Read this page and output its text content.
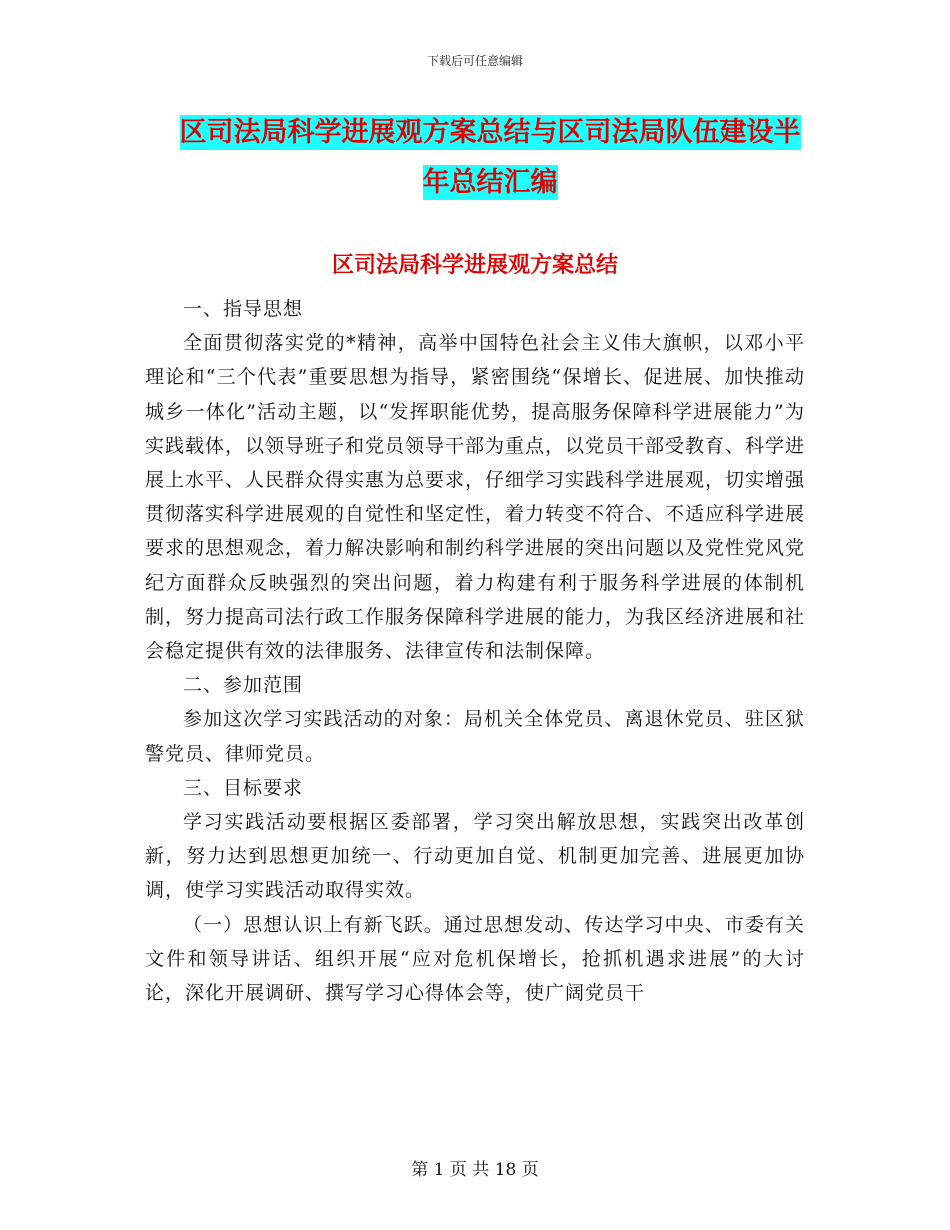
下载后可任意编辑
区司法局科学进展观方案总结与区司法局队伍建设半
年总结汇编
区司法局科学进展观方案总结

一、指导思想

全面贯彻落实党的*精神，高举中国特色社会主义伟大旗帜，以邓小平理论和“三个代表”重要思想为指导，紧密围绕“保增长、促进展、加快推动城乡一体化”活动主题，以“发挥职能优势，提高服务保障科学进展能力”为实践载体，以领导班子和党员领导干部为重点，以党员干部受教育、科学进展上水平、人民群众得实惠为总要求，仔细学习实践科学进展观，切实增强贯彻落实科学进展观的自觉性和坚定性，着力转变不符合、不适应科学进展要求的思想观念，着力解决影响和制约科学进展的突出问题以及党性党风党纪方面群众反映强烈的突出问题，着力构建有利于服务科学进展的体制机制，努力提高司法行政工作服务保障科学进展的能力，为我区经济进展和社会稳定提供有效的法律服务、法律宣传和法制保障。

二、参加范围

参加这次学习实践活动的对象：局机关全体党员、离退休党员、驻区狱警党员、律师党员。

三、目标要求

学习实践活动要根据区委部署，学习突出解放思想，实践突出改革创新，努力达到思想更加统一、行动更加自觉、机制更加完善、进展更加协调，使学习实践活动取得实效。

（一）思想认识上有新飞跃。通过思想发动、传达学习中央、市委有关文件和领导讲话、组织开展“应对危机保增长，抢抓机遇求进展”的大讨论，深化开展调研、撰写学习心得体会等，使广阔党员干

第 1 页 共 18 页
